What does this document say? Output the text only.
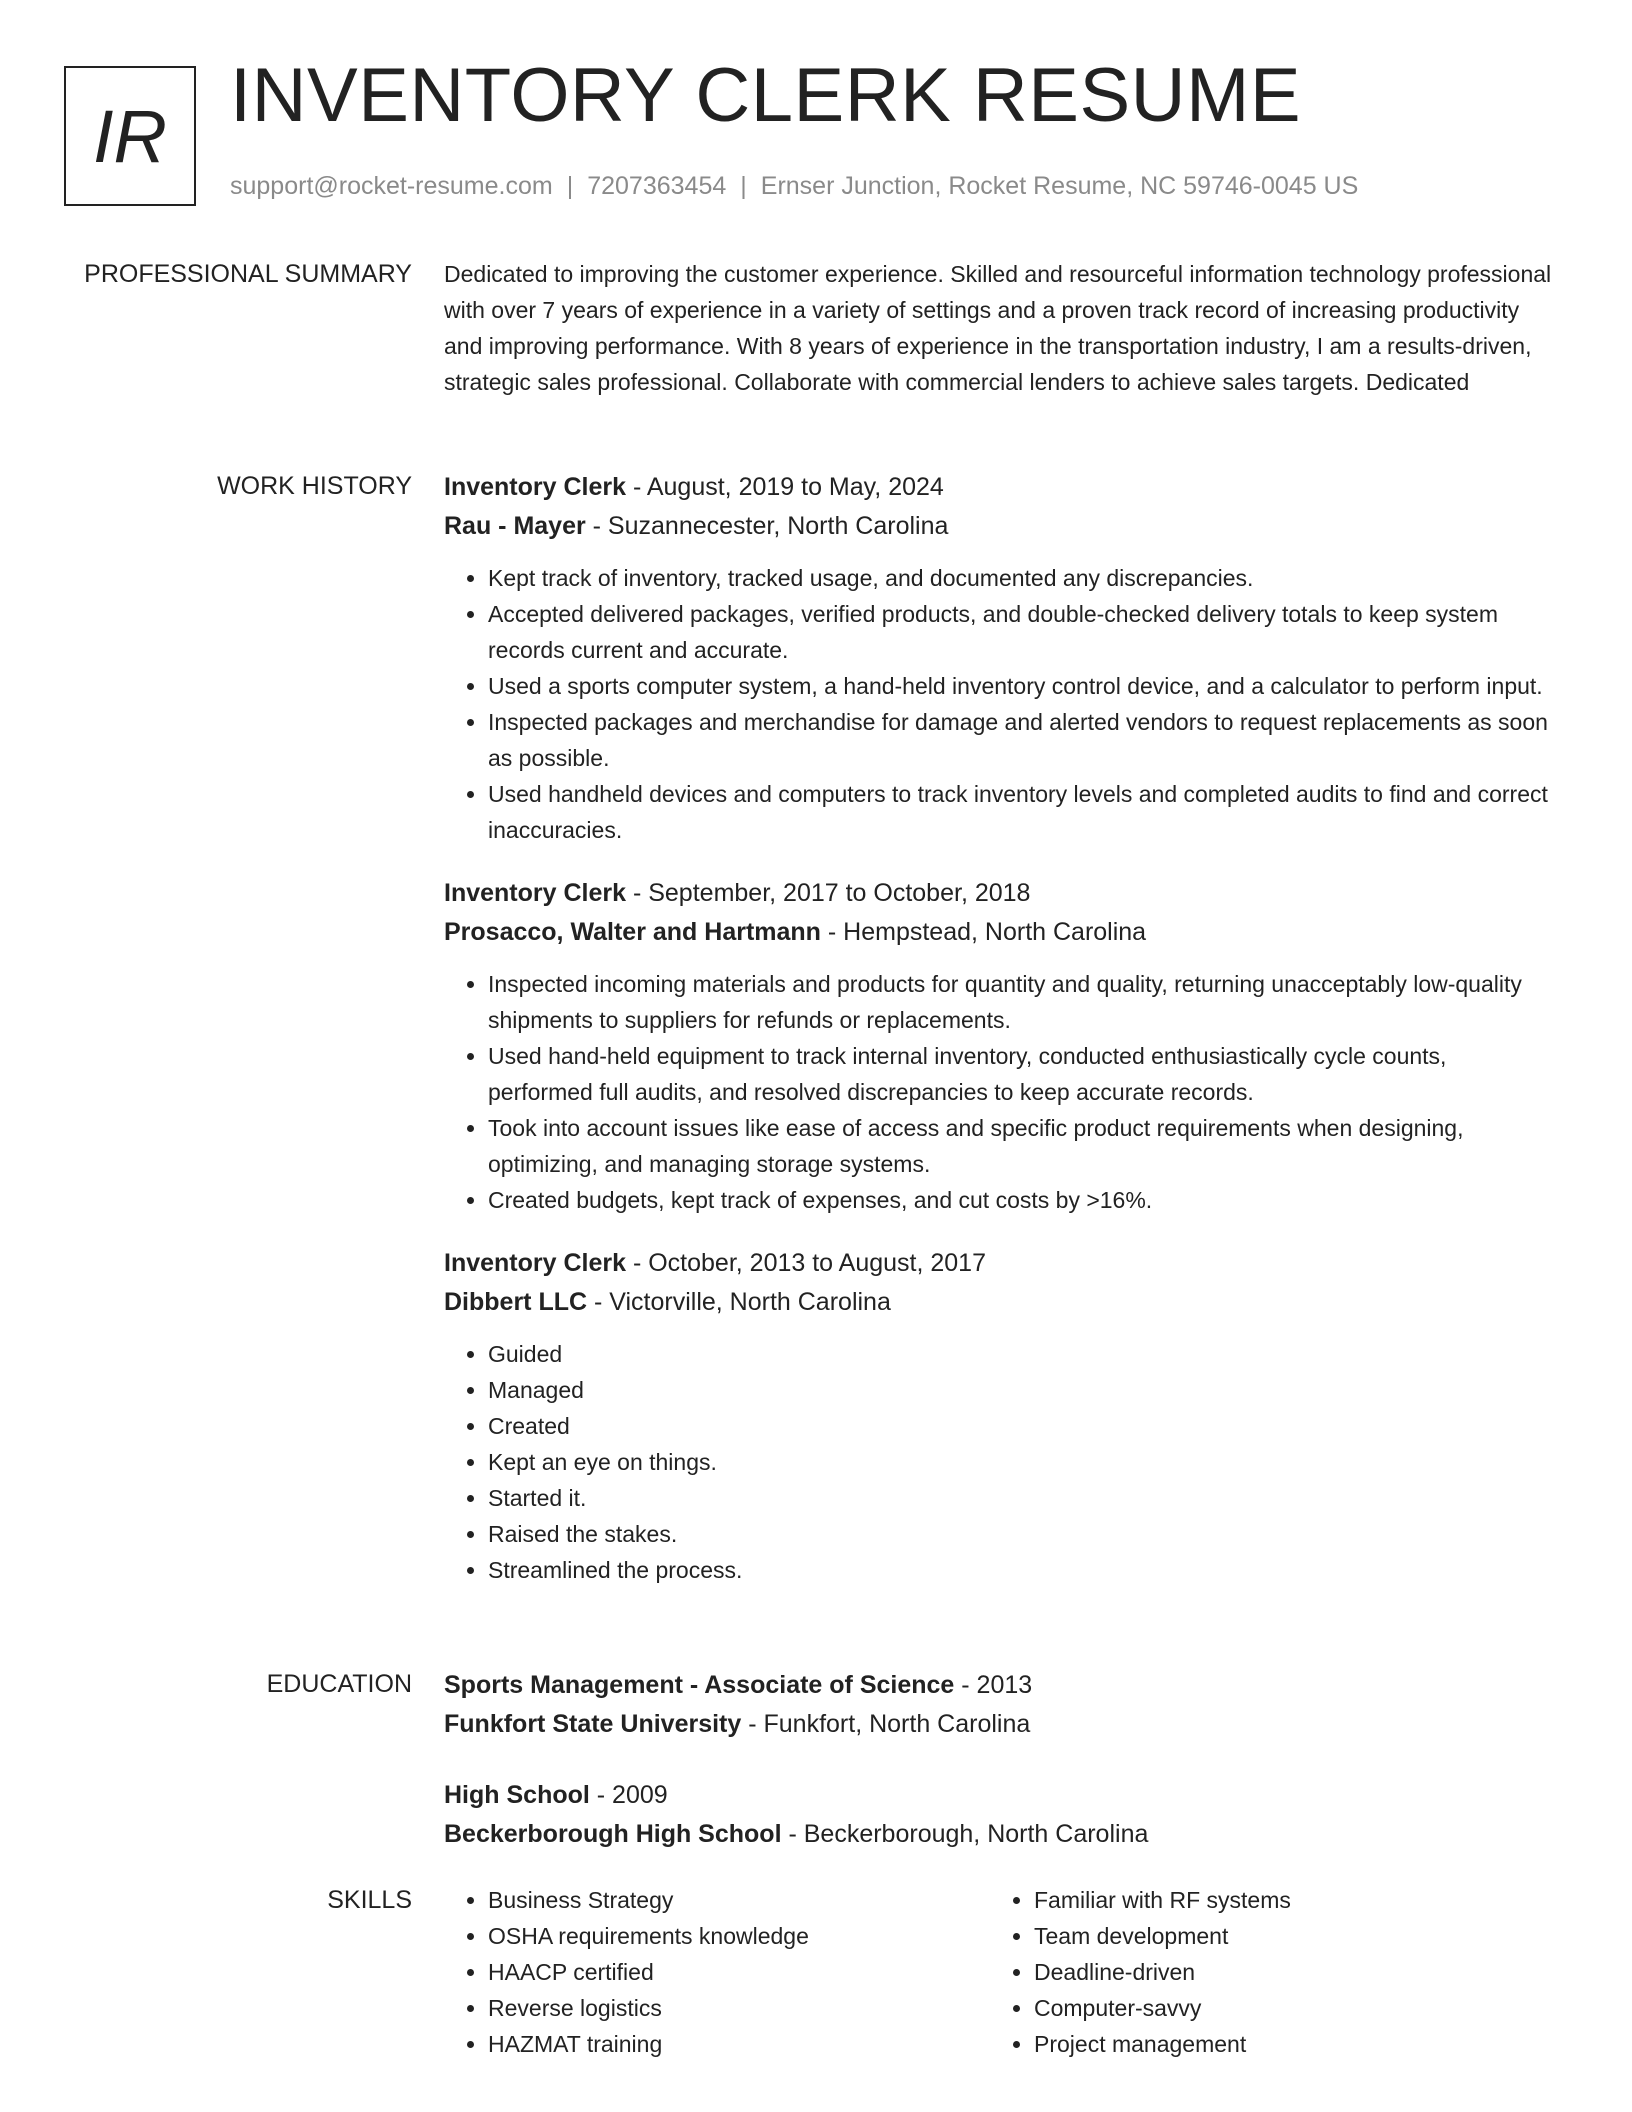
IR INVENTORY CLERK RESUME
support@rocket-resume.com | 7207363454 | Ernser Junction, Rocket Resume, NC 59746-0045 US
PROFESSIONAL SUMMARY Dedicated to improving the customer experience. Skilled and resourceful information technology professional with over 7 years of experience in a variety of settings and a proven track record of increasing productivity and improving performance. With 8 years of experience in the transportation industry, I am a results-driven, strategic sales professional. Collaborate with commercial lenders to achieve sales targets. Dedicated

WORK HISTORY Inventory Clerk - August, 2019 to May, 2024
Rau - Mayer - Suzannecester, North Carolina
• Kept track of inventory, tracked usage, and documented any discrepancies.
• Accepted delivered packages, verified products, and double-checked delivery totals to keep system records current and accurate.
• Used a sports computer system, a hand-held inventory control device, and a calculator to perform input.
• Inspected packages and merchandise for damage and alerted vendors to request replacements as soon as possible.
• Used handheld devices and computers to track inventory levels and completed audits to find and correct inaccuracies.
Inventory Clerk - September, 2017 to October, 2018
Prosacco, Walter and Hartmann - Hempstead, North Carolina
• Inspected incoming materials and products for quantity and quality, returning unacceptably low-quality shipments to suppliers for refunds or replacements.
• Used hand-held equipment to track internal inventory, conducted enthusiastically cycle counts, performed full audits, and resolved discrepancies to keep accurate records.
• Took into account issues like ease of access and specific product requirements when designing, optimizing, and managing storage systems.
• Created budgets, kept track of expenses, and cut costs by >16%.
Inventory Clerk - October, 2013 to August, 2017
Dibbert LLC - Victorville, North Carolina
• Guided
• Managed
• Created
• Kept an eye on things.
• Started it.
• Raised the stakes.
• Streamlined the process.
EDUCATION Sports Management - Associate of Science - 2013
Funkfort State University - Funkfort, North Carolina
High School - 2009
Beckerborough High School - Beckerborough, North Carolina
SKILLS
•	Business Strategy
• OSHA requirements knowledge
• HAACP certified
• Reverse logistics
• HAZMAT training
• Familiar with RF systems
• Team development
• Deadline-driven
• Computer-savvy
• Project management
